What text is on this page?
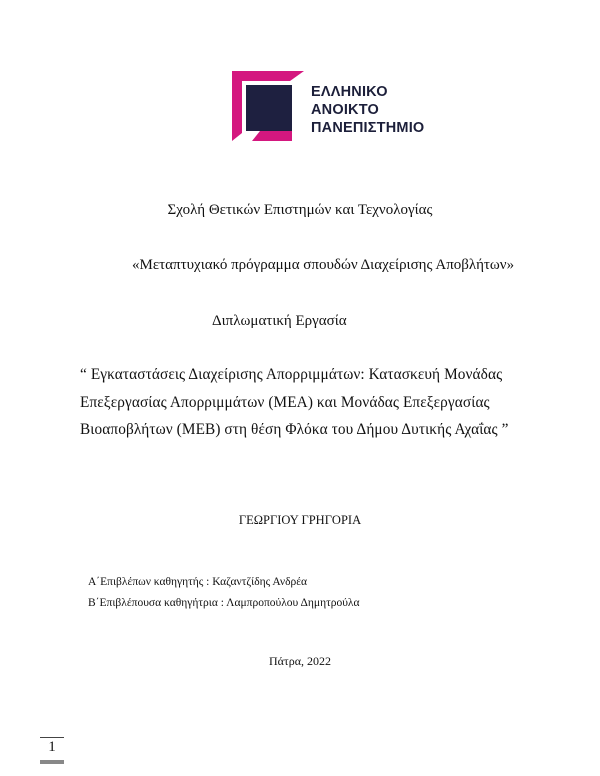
ΕΛΛΗΝΙΚΟ
ΑΝΟΙΚΤΟ
ΠΑΝΕΠΙΣΤΗΜΙΟ
Σχολή Θετικών Επιστημών και Τεχνολογίας
«Μεταπτυχιακό πρόγραμμα σπουδών Διαχείρισης Αποβλήτων»
Διπλωματική Εργασία
“ Εγκαταστάσεις Διαχείρισης Απορριμμάτων: Κατασκευή Μονάδας
Επεξεργασίας Απορριμμάτων (ΜΕΑ) και Μονάδας Επεξεργασίας
Βιοαποβλήτων (ΜΕΒ) στη θέση Φλόκα του Δήμου Δυτικής Αχαΐας ”
ΓΕΩΡΓΙΟΥ ΓΡΗΓΟΡΙΑ
Α΄Επιβλέπων καθηγητής : Καζαντζίδης Ανδρέα
Β΄Επιβλέπουσα καθηγήτρια : Λαμπροπούλου Δημητρούλα
Πάτρα, 2022
1
